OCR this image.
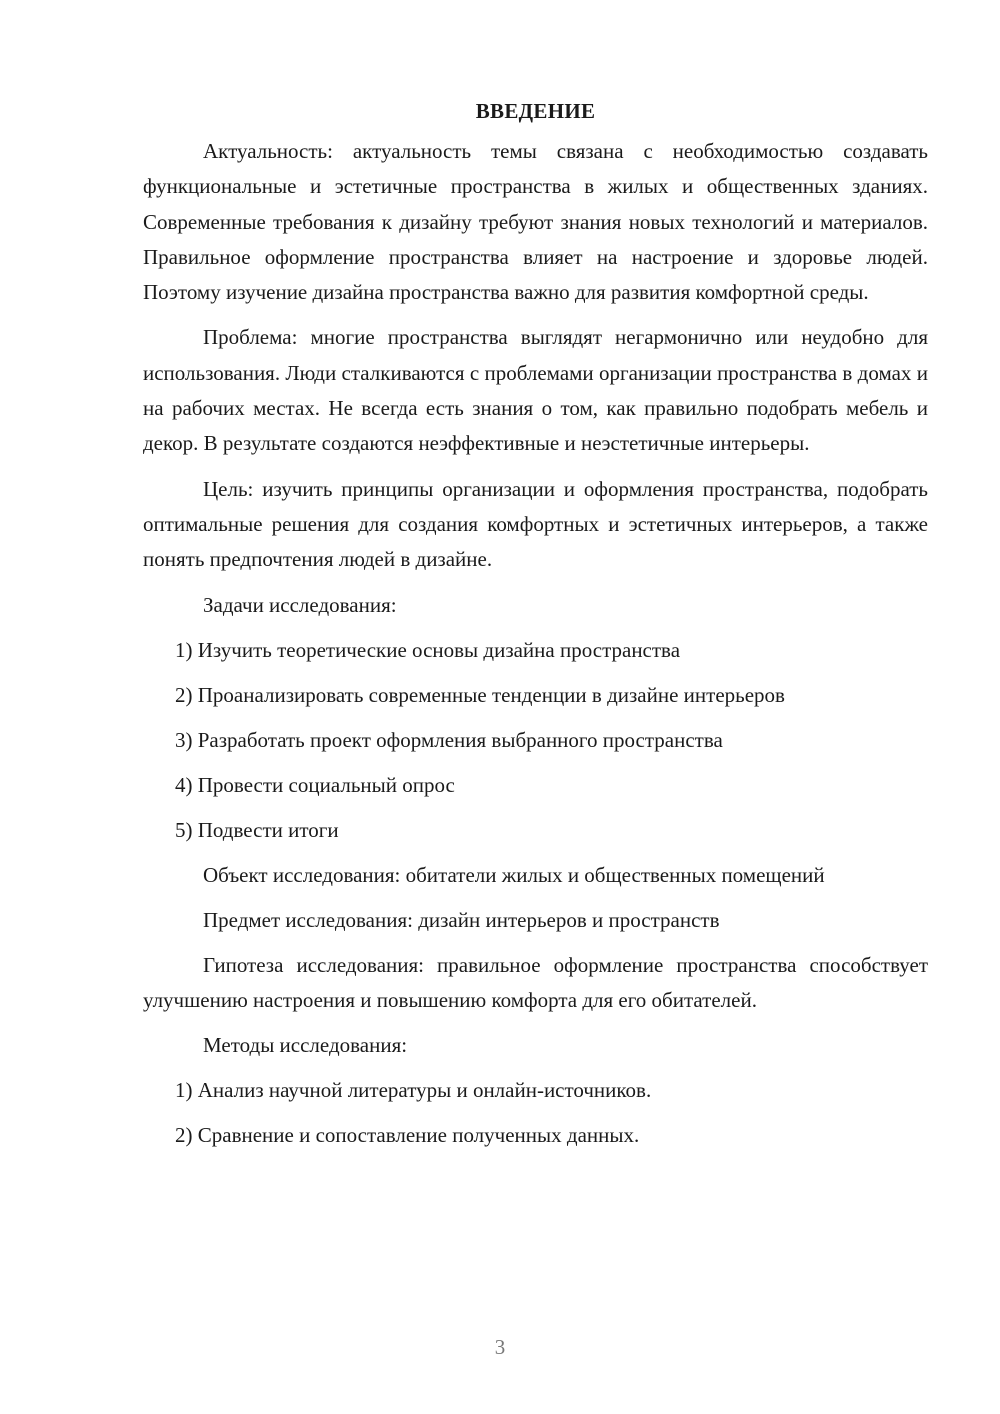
ВВЕДЕНИЕ

Актуальность: актуальность темы связана с необходимостью создавать функциональные и эстетичные пространства в жилых и общественных зданиях. Современные требования к дизайну требуют знания новых технологий и материалов. Правильное оформление пространства влияет на настроение и здоровье людей. Поэтому изучение дизайна пространства важно для развития комфортной среды.

Проблема: многие пространства выглядят негармонично или неудобно для использования. Люди сталкиваются с проблемами организации пространства в домах и на рабочих местах. Не всегда есть знания о том, как правильно подобрать мебель и декор. В результате создаются неэффективные и неэстетичные интерьеры.

Цель: изучить принципы организации и оформления пространства, подобрать оптимальные решения для создания комфортных и эстетичных интерьеров, а также понять предпочтения людей в дизайне.

Задачи исследования:
1) Изучить теоретические основы дизайна пространства
2) Проанализировать современные тенденции в дизайне интерьеров
3) Разработать проект оформления выбранного пространства
4) Провести социальный опрос
5) Подвести итоги

Объект исследования: обитатели жилых и общественных помещений

Предмет исследования: дизайн интерьеров и пространств

Гипотеза исследования: правильное оформление пространства способствует улучшению настроения и повышению комфорта для его обитателей.

Методы исследования:
1) Анализ научной литературы и онлайн-источников.
2) Сравнение и сопоставление полученных данных.
3
